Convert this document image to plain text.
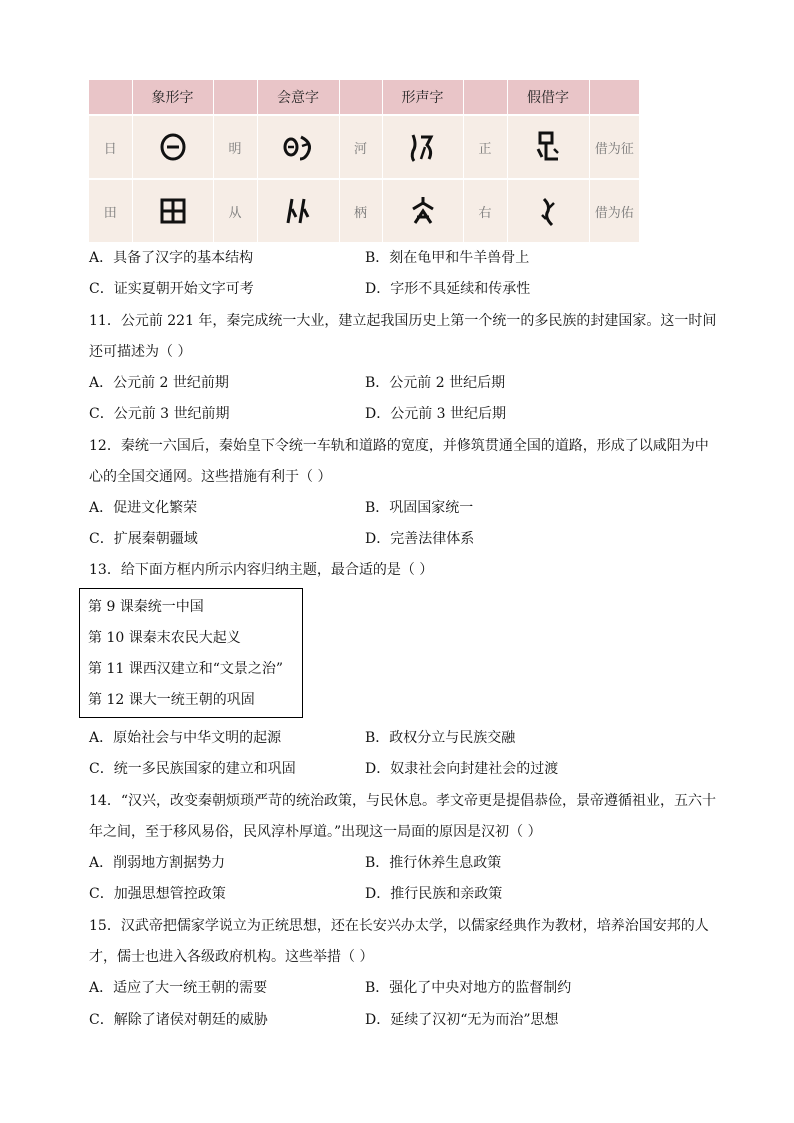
	象形字		会意字		形声字		假借字	
日		明		河		正		借为征
田		从		柄		右		借为佑
A．具备了汉字的基本结构	B．刻在龟甲和牛羊兽骨上
C．证实夏朝开始文字可考	D．字形不具延续和传承性
11．公元前 221 年，秦完成统一大业，建立起我国历史上第一个统一的多民族的封建国家。这一时间
还可描述为（ ）
A．公元前 2 世纪前期	B．公元前 2 世纪后期
C．公元前 3 世纪前期	D．公元前 3 世纪后期
12．秦统一六国后，秦始皇下令统一车轨和道路的宽度，并修筑贯通全国的道路，形成了以咸阳为中
心的全国交通网。这些措施有利于（ ）
A．促进文化繁荣	B．巩固国家统一
C．扩展秦朝疆域	D．完善法律体系
13．给下面方框内所示内容归纳主题，最合适的是（ ）
第 9 课秦统一中国
第 10 课秦末农民大起义
第 11 课西汉建立和“文景之治”
第 12 课大一统王朝的巩固
A．原始社会与中华文明的起源	B．政权分立与民族交融
C．统一多民族国家的建立和巩固	D．奴隶社会向封建社会的过渡
14．“汉兴，改变秦朝烦琐严苛的统治政策，与民休息。孝文帝更是提倡恭俭，景帝遵循祖业，五六十
年之间，至于移风易俗，民风淳朴厚道。”出现这一局面的原因是汉初（ ）
A．削弱地方割据势力	B．推行休养生息政策
C．加强思想管控政策	D．推行民族和亲政策
15．汉武帝把儒家学说立为正统思想，还在长安兴办太学，以儒家经典作为教材，培养治国安邦的人
才，儒士也进入各级政府机构。这些举措（ ）
A．适应了大一统王朝的需要	B．强化了中央对地方的监督制约
C．解除了诸侯对朝廷的威胁	D．延续了汉初“无为而治”思想
